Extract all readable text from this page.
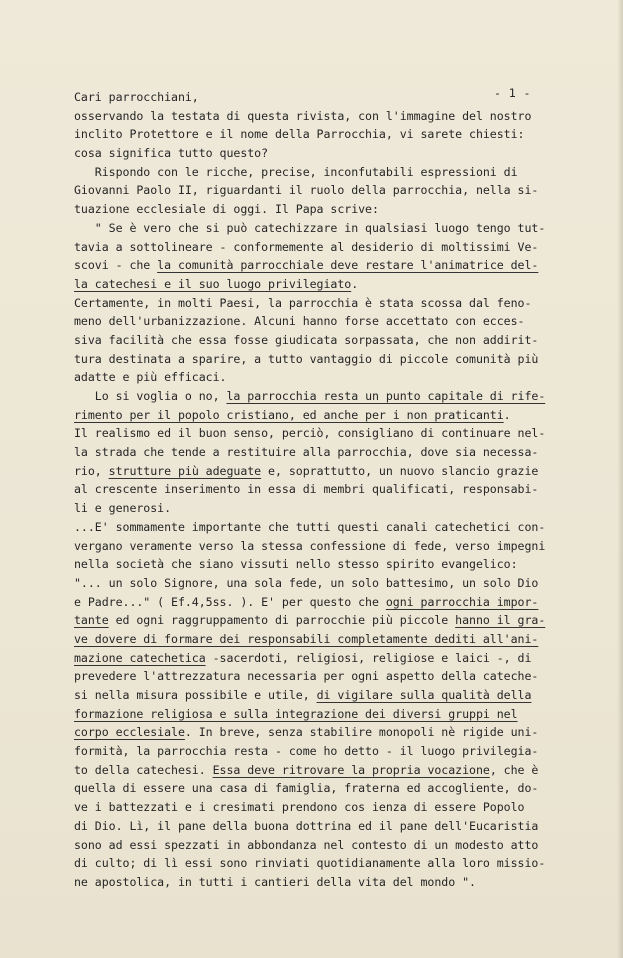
- 1 -
Cari parrocchiani,
osservando la testata di questa rivista, con l'immagine del nostro
inclito Protettore e il nome della Parrocchia, vi sarete chiesti:
cosa significa tutto questo?
Rispondo con le ricche, precise, inconfutabili espressioni di
Giovanni Paolo II, riguardanti il ruolo della parrocchia, nella si-
tuazione ecclesiale di oggi. Il Papa scrive:
" Se è vero che si può catechizzare in qualsiasi luogo tengo tut-
tavia a sottolineare - conformemente al desiderio di moltissimi Ve-
scovi - che la comunità parrocchiale deve restare l'animatrice del-
la catechesi e il suo luogo privilegiato.
Certamente, in molti Paesi, la parrocchia è stata scossa dal feno-
meno dell'urbanizzazione. Alcuni hanno forse accettato con ecces-
siva facilità che essa fosse giudicata sorpassata, che non addirit-
tura destinata a sparire, a tutto vantaggio di piccole comunità più
adatte e più efficaci.
Lo si voglia o no, la parrocchia resta un punto capitale di rife-
rimento per il popolo cristiano, ed anche per i non praticanti.
Il realismo ed il buon senso, perciò, consigliano di continuare nel-
la strada che tende a restituire alla parrocchia, dove sia necessa-
rio, strutture più adeguate e, soprattutto, un nuovo slancio grazie
al crescente inserimento in essa di membri qualificati, responsabi-
li e generosi.
...E' sommamente importante che tutti questi canali catechetici con-
vergano veramente verso la stessa confessione di fede, verso impegni
nella società che siano vissuti nello stesso spirito evangelico:
"... un solo Signore, una sola fede, un solo battesimo, un solo Dio
e Padre..." ( Ef.4,5ss. ). E' per questo che ogni parrocchia impor-
tante ed ogni raggruppamento di parrocchie più piccole hanno il gra-
ve dovere di formare dei responsabili completamente dediti all'ani-
mazione catechetica -sacerdoti, religiosi, religiose e laici -, di
prevedere l'attrezzatura necessaria per ogni aspetto della cateche-
si nella misura possibile e utile, di vigilare sulla qualità della
formazione religiosa e sulla integrazione dei diversi gruppi nel
corpo ecclesiale. In breve, senza stabilire monopoli nè rigide uni-
formità, la parrocchia resta - come ho detto - il luogo privilegia-
to della catechesi. Essa deve ritrovare la propria vocazione, che è
quella di essere una casa di famiglia, fraterna ed accogliente, do-
ve i battezzati e i cresimati prendono cos ienza di essere Popolo
di Dio. Lì, il pane della buona dottrina ed il pane dell'Eucaristia
sono ad essi spezzati in abbondanza nel contesto di un modesto atto
di culto; di lì essi sono rinviati quotidianamente alla loro missio-
ne apostolica, in tutti i cantieri della vita del mondo ".
